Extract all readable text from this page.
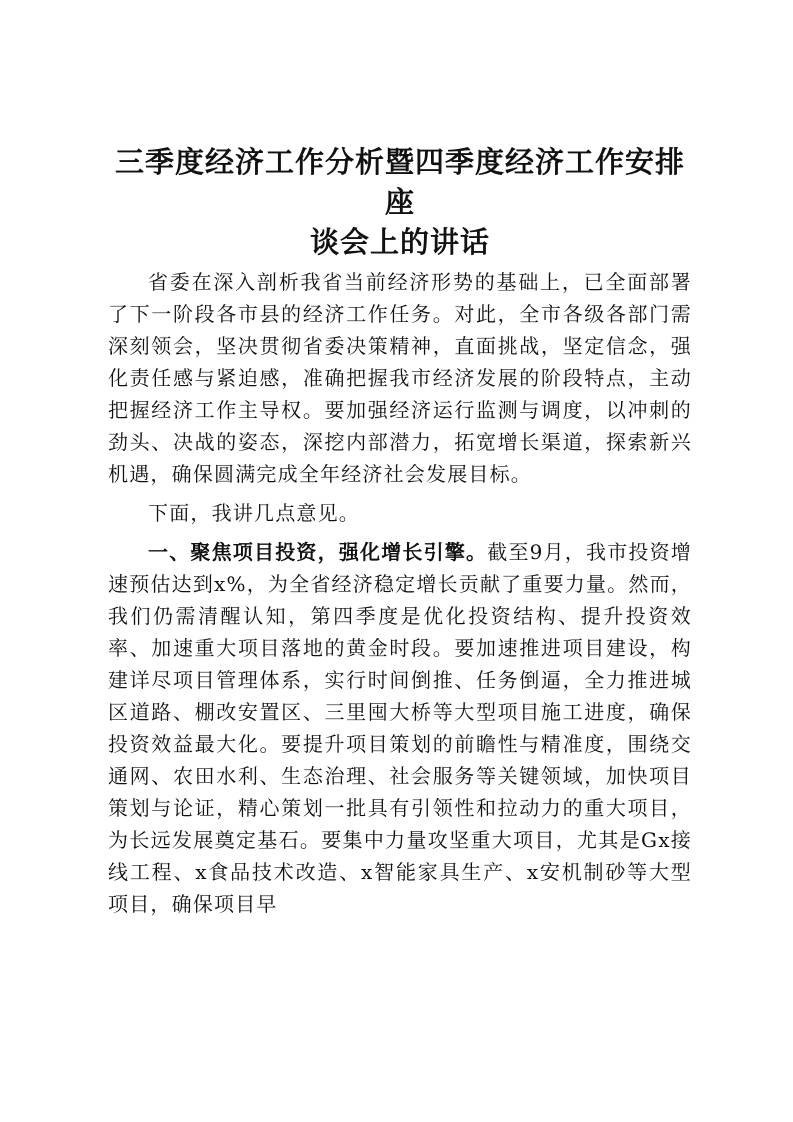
三季度经济工作分析暨四季度经济工作安排座
谈会上的讲话

省委在深入剖析我省当前经济形势的基础上，已全面部署了下一阶段各市县的经济工作任务。对此，全市各级各部门需深刻领会，坚决贯彻省委决策精神，直面挑战，坚定信念，强化责任感与紧迫感，准确把握我市经济发展的阶段特点，主动把握经济工作主导权。要加强经济运行监测与调度，以冲刺的劲头、决战的姿态，深挖内部潜力，拓宽增长渠道，探索新兴机遇，确保圆满完成全年经济社会发展目标。

下面，我讲几点意见。

一、聚焦项目投资，强化增长引擎。截至9月，我市投资增速预估达到x%，为全省经济稳定增长贡献了重要力量。然而，我们仍需清醒认知，第四季度是优化投资结构、提升投资效率、加速重大项目落地的黄金时段。要加速推进项目建设，构建详尽项目管理体系，实行时间倒推、任务倒逼，全力推进城区道路、棚改安置区、三里囤大桥等大型项目施工进度，确保投资效益最大化。要提升项目策划的前瞻性与精准度，围绕交通网、农田水利、生态治理、社会服务等关键领域，加快项目策划与论证，精心策划一批具有引领性和拉动力的重大项目，为长远发展奠定基石。要集中力量攻坚重大项目，尤其是Gx接线工程、x食品技术改造、x智能家具生产、x安机制砂等大型项目，确保项目早
